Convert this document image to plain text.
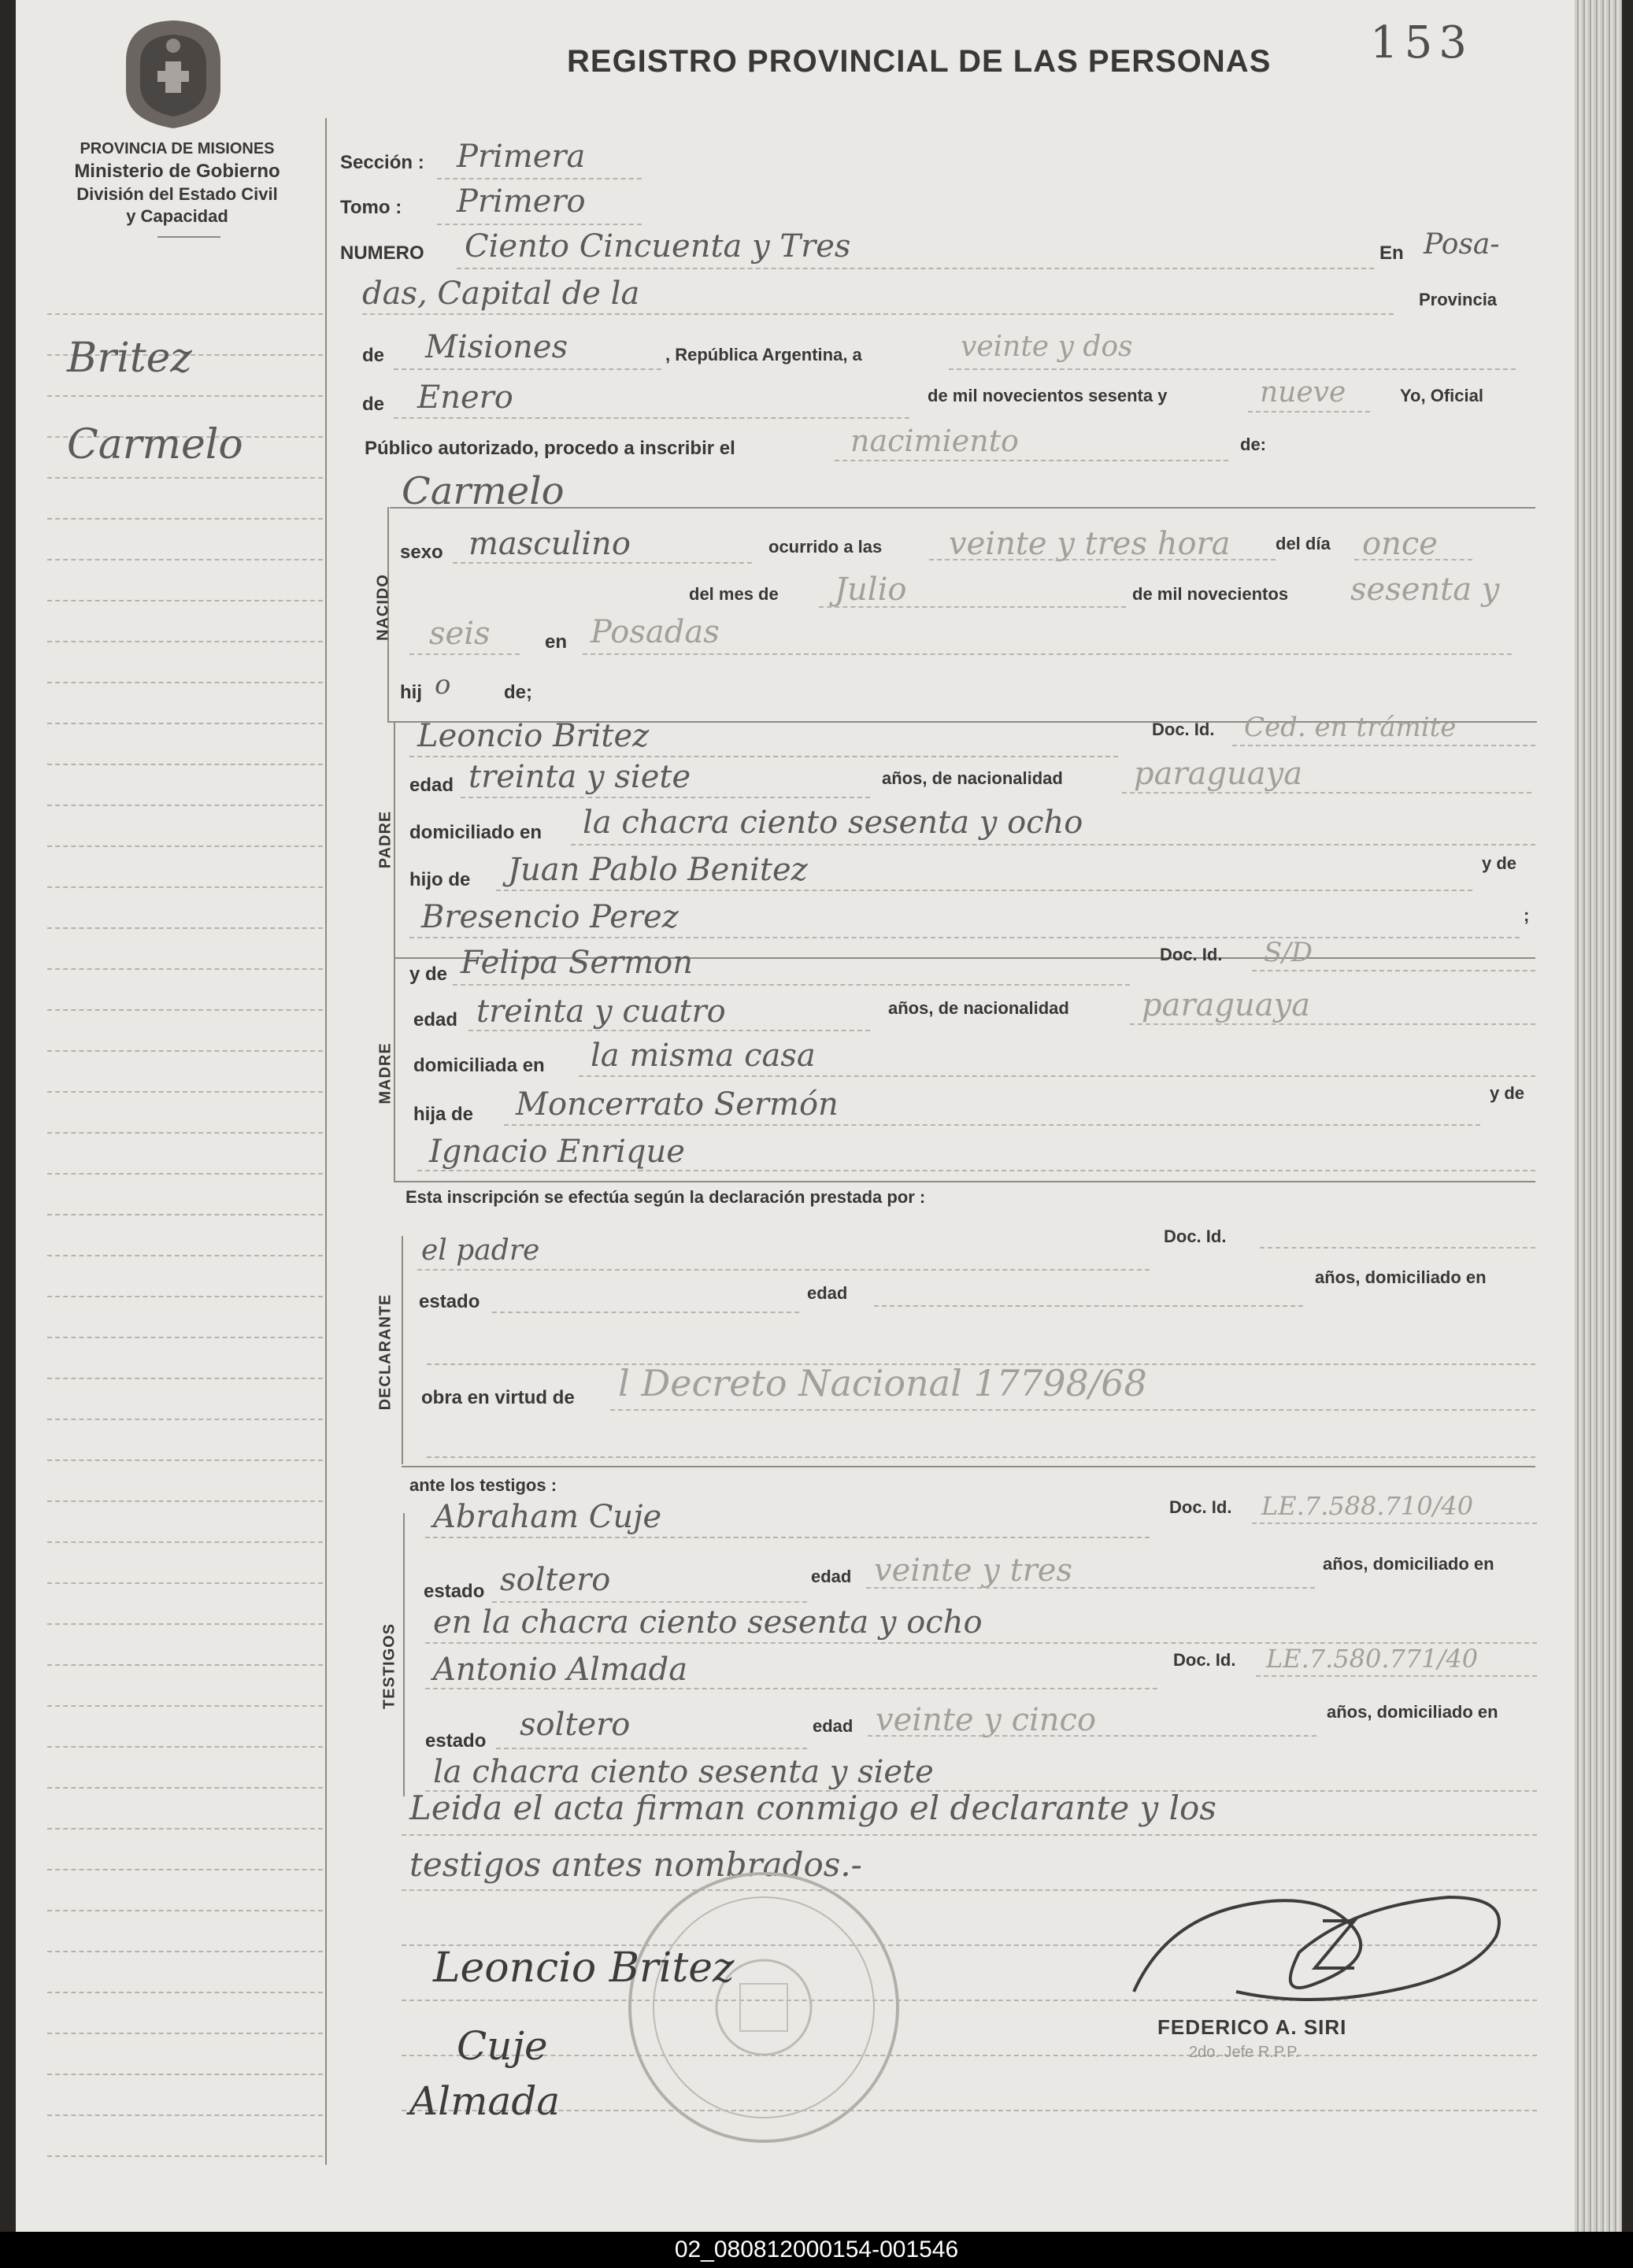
PROVINCIA DE MISIONES
Ministerio de Gobierno
División del Estado Civil
y Capacidad
REGISTRO PROVINCIAL DE LAS PERSONAS 153
Britez
Carmelo
Sección : Primera
Tomo : Primero
NUMERO Ciento Cincuenta y Tres	En Posa-
das, Capital de la	Provincia
de Misiones	, República Argentina, a	veinte y dos
de Enero	de mil novecientos sesenta y	nueve	Yo, Oficial
Público autorizado, procedo a inscribir el	nacimiento	de:
Carmelo
NACIDO
sexo masculino	ocurrido a las veinte y tres hora	del día once
del mes de Julio	de mil novecientos sesenta y
seis	en Posadas
hij o	de;
PADRE
Leoncio Britez	Doc. Id. Ced. en trámite
edad treinta y siete	años, de nacionalidad paraguaya
domiciliado en la chacra ciento sesenta y ocho
hijo de Juan Pablo Benitez	y de
Bresencio Perez	;
MADRE
y de Felipa Sermon	Doc. Id. S/D
edad treinta y cuatro	años, de nacionalidad paraguaya
domiciliada en la misma casa
hija de Moncerrato Sermón	y de
Ignacio Enrique
Esta inscripción se efectúa según la declaración prestada por :
DECLARANTE
el padre	Doc. Id.
estado	edad
años, domiciliado en
obra en virtud de l Decreto Nacional 17798/68
ante los testigos :
TESTIGOS
Abraham Cuje	Doc. Id. LE.7.588.710/40
estado soltero	edad veinte y tres	años, domiciliado en
en la chacra ciento sesenta y ocho
Antonio Almada	Doc. Id. LE.7.580.771/40
estado soltero	edad veinte y cinco	años, domiciliado en
la chacra ciento sesenta y siete
Leida el acta firman conmigo el declarante y los
testigos antes nombrados.-
Leoncio Britez
Cuje
Almada
FEDERICO A. SIRI
2do. Jefe R.P.P.
02_080812000154-001546
